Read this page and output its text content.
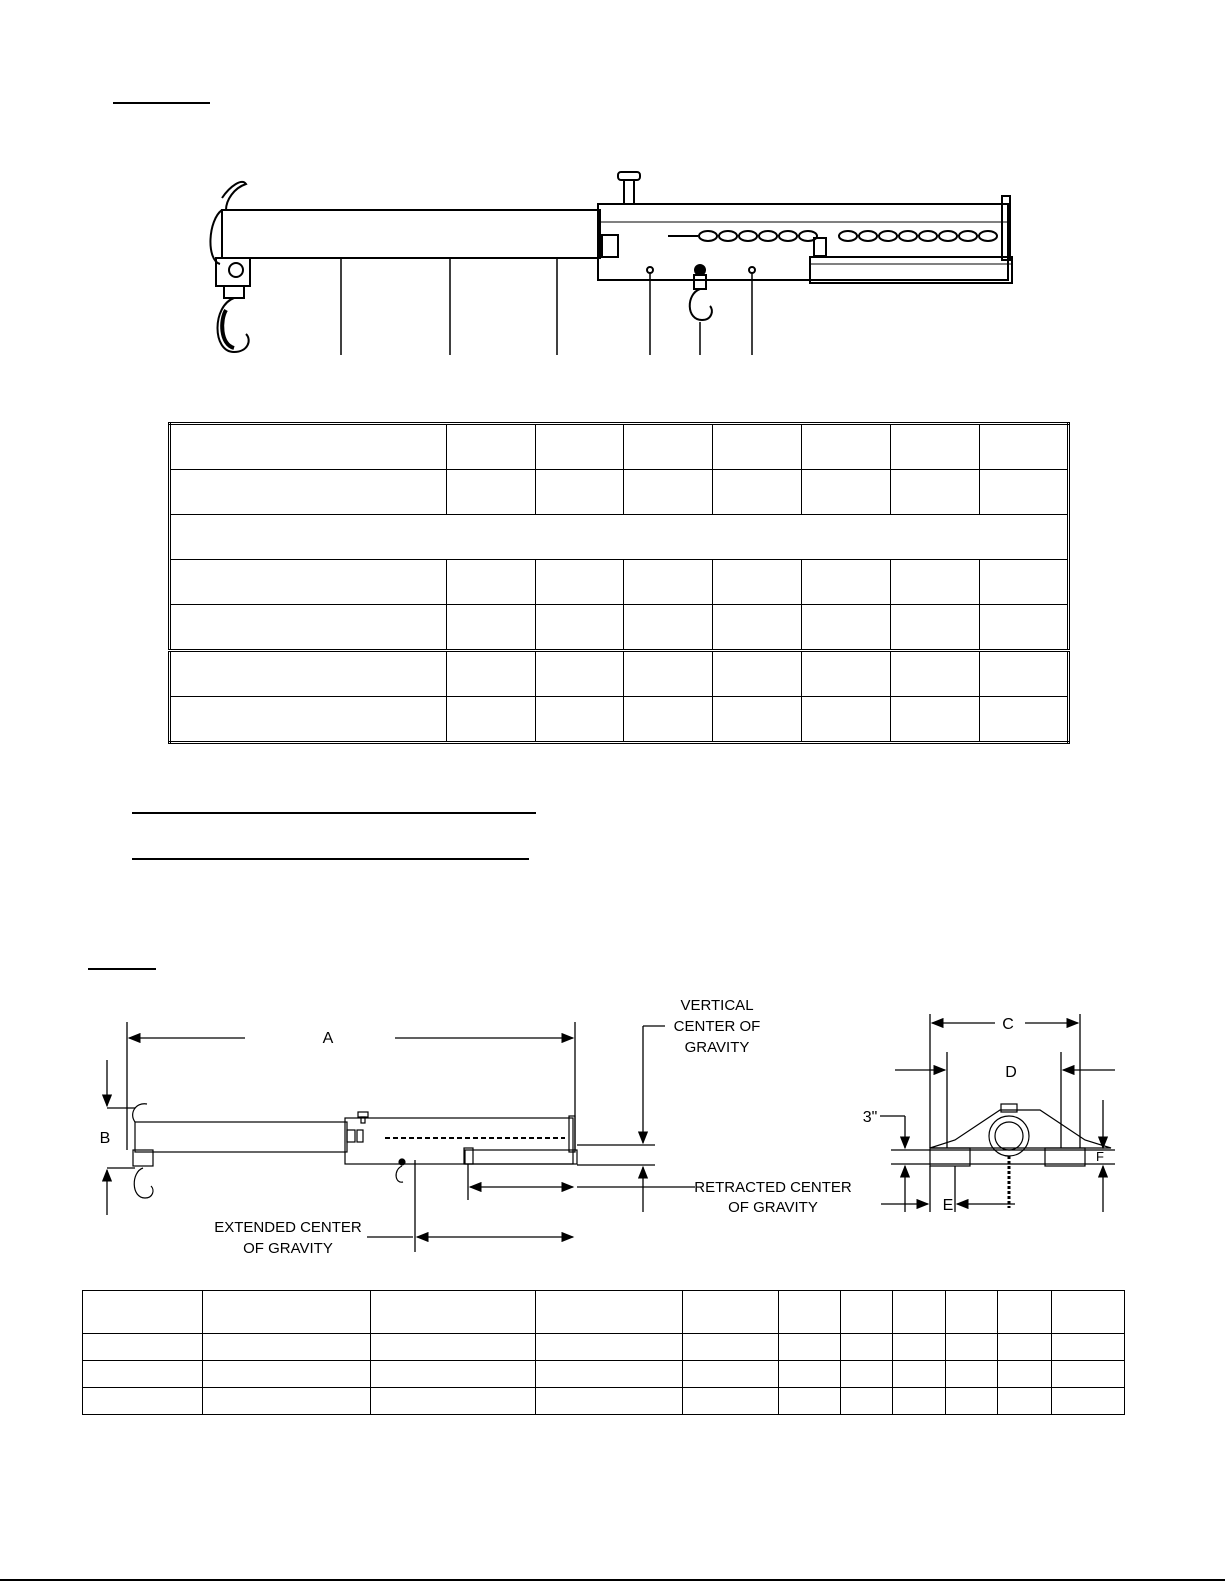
A
B
EXTENDED CENTER
OF GRAVITY
RETRACTED CENTER
OF GRAVITY
VERTICAL
CENTER OF
GRAVITY
C
D
3"
F
E
